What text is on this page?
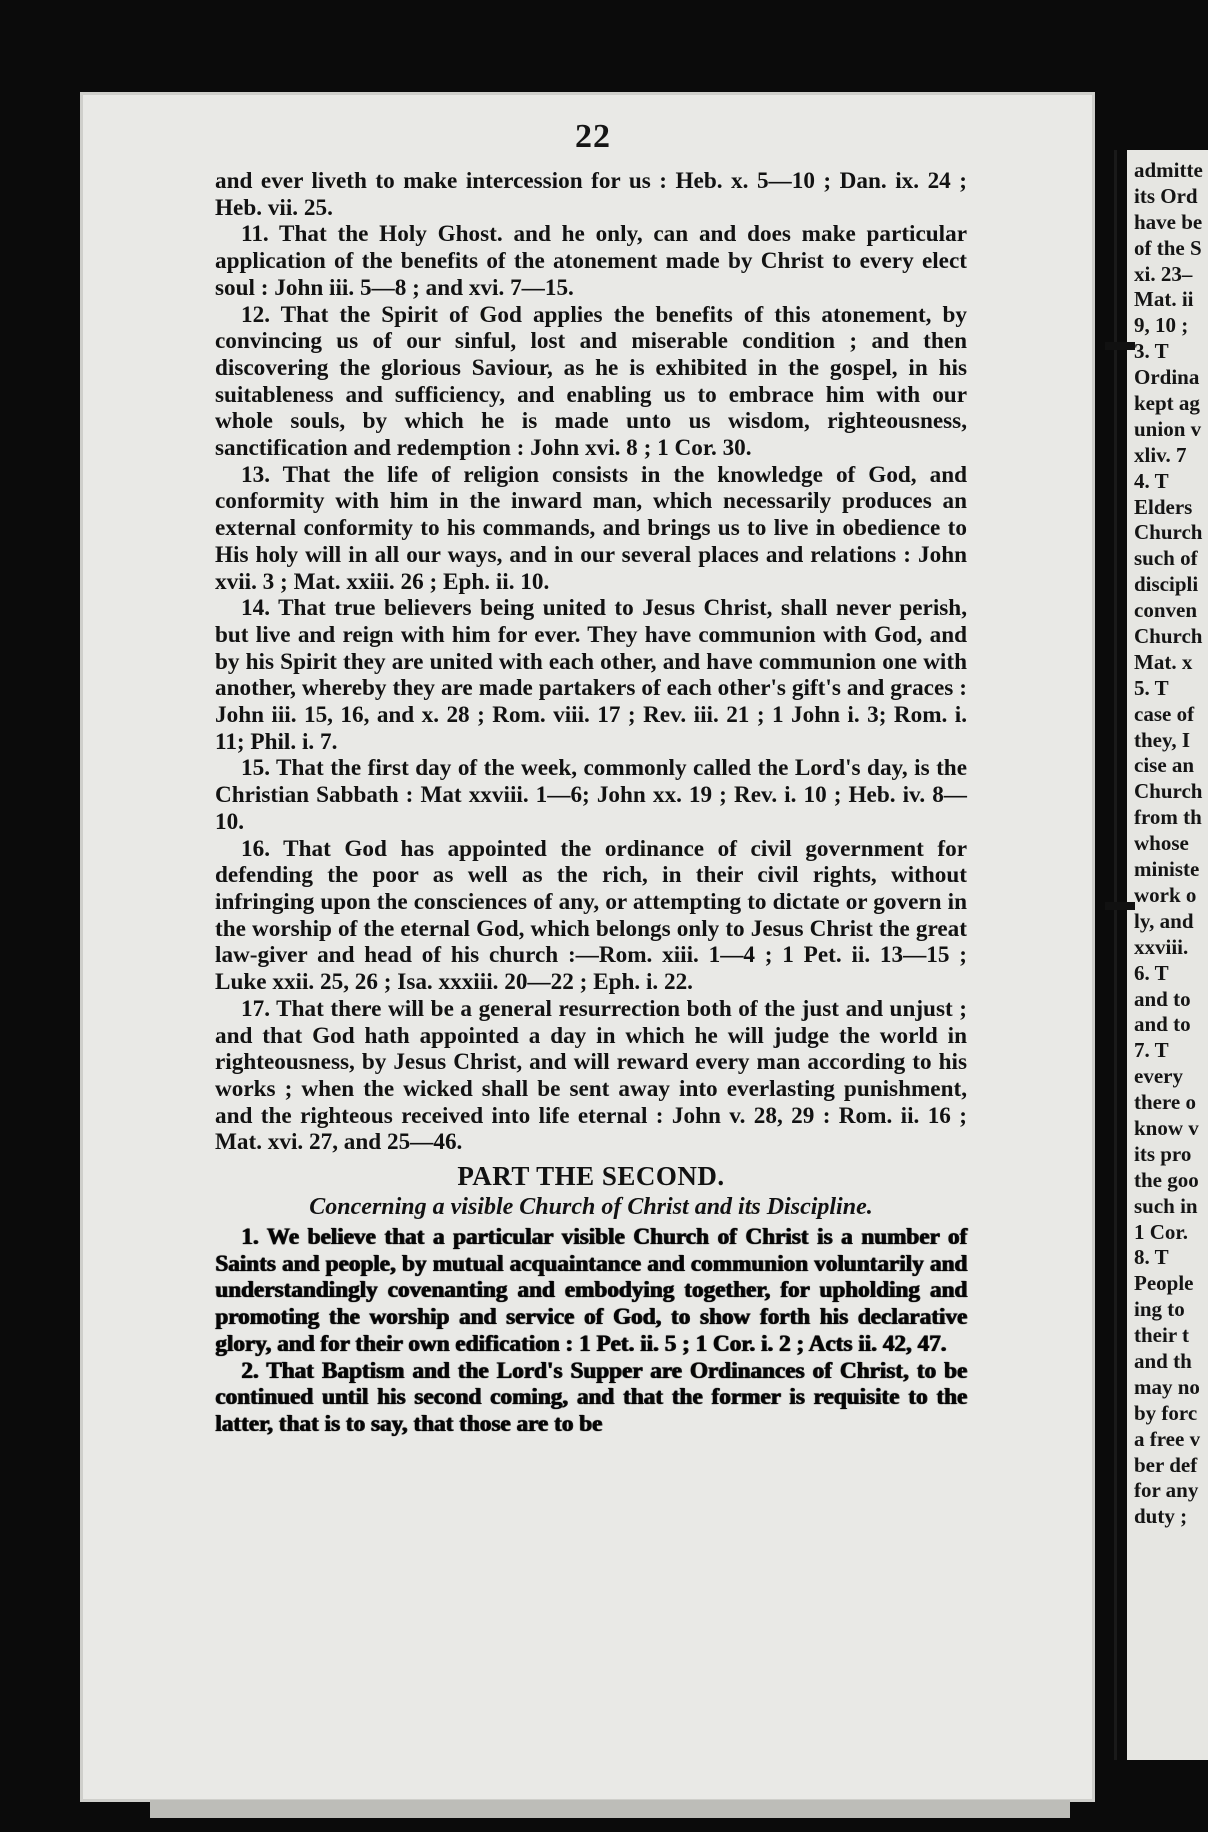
22

and ever liveth to make intercession for us : Heb. x. 5—10 ; Dan. ix. 24 ; Heb. vii. 25.

11. That the Holy Ghost. and he only, can and does make particular application of the benefits of the atonement made by Christ to every elect soul : John iii. 5—8 ; and xvi. 7—15.

12. That the Spirit of God applies the benefits of this atonement, by convincing us of our sinful, lost and miserable condition ; and then discovering the glorious Saviour, as he is exhibited in the gospel, in his suitableness and sufficiency, and enabling us to embrace him with our whole souls, by which he is made unto us wisdom, righteousness, sanctification and redemption : John xvi. 8 ; 1 Cor. 30.

13. That the life of religion consists in the knowledge of God, and conformity with him in the inward man, which necessarily produces an external conformity to his commands, and brings us to live in obedience to His holy will in all our ways, and in our several places and relations : John xvii. 3 ; Mat. xxiii. 26 ; Eph. ii. 10.

14. That true believers being united to Jesus Christ, shall never perish, but live and reign with him for ever. They have communion with God, and by his Spirit they are united with each other, and have communion one with another, whereby they are made partakers of each other's gift's and graces : John iii. 15, 16, and x. 28 ; Rom. viii. 17 ; Rev. iii. 21 ; 1 John i. 3; Rom. i. 11; Phil. i. 7.

15. That the first day of the week, commonly called the Lord's day, is the Christian Sabbath : Mat xxviii. 1—6; John xx. 19 ; Rev. i. 10 ; Heb. iv. 8—10.

16. That God has appointed the ordinance of civil government for defending the poor as well as the rich, in their civil rights, without infringing upon the consciences of any, or attempting to dictate or govern in the worship of the eternal God, which belongs only to Jesus Christ the great law-giver and head of his church :—Rom. xiii. 1—4 ; 1 Pet. ii. 13—15 ; Luke xxii. 25, 26 ; Isa. xxxiii. 20—22 ; Eph. i. 22.

17. That there will be a general resurrection both of the just and unjust ; and that God hath appointed a day in which he will judge the world in righteousness, by Jesus Christ, and will reward every man according to his works ; when the wicked shall be sent away into everlasting punishment, and the righteous received into life eternal : John v. 28, 29 : Rom. ii. 16 ; Mat. xvi. 27, and 25—46.

PART THE SECOND.
Concerning a visible Church of Christ and its Discipline.

1. We believe that a particular visible Church of Christ is a number of Saints and people, by mutual acquaintance and communion voluntarily and understandingly covenanting and embodying together, for upholding and promoting the worship and service of God, to show forth his declarative glory, and for their own edification : 1 Pet. ii. 5 ; 1 Cor. i. 2 ; Acts ii. 42, 47.

2. That Baptism and the Lord's Supper are Ordinances of Christ, to be continued until his second coming, and that the former is requisite to the latter, that is to say, that those are to be

admitte
its Ord
have be
of the S
xi. 23–
Mat. ii
9, 10 ;
3. T
Ordina
kept ag
union v
xliv. 7
4. T
Elders
Church
such of
discipli
conven
Church
Mat. x
5. T
case of
they, I
cise an
Church
from th
whose
ministe
work o
ly, and
xxviii.
6. T
and to
and to
7. T
every
there o
know v
its pro
the goo
such in
1 Cor.
8. T
People
ing to
their t
and th
may no
by forc
a free v
ber def
for any
duty ;
